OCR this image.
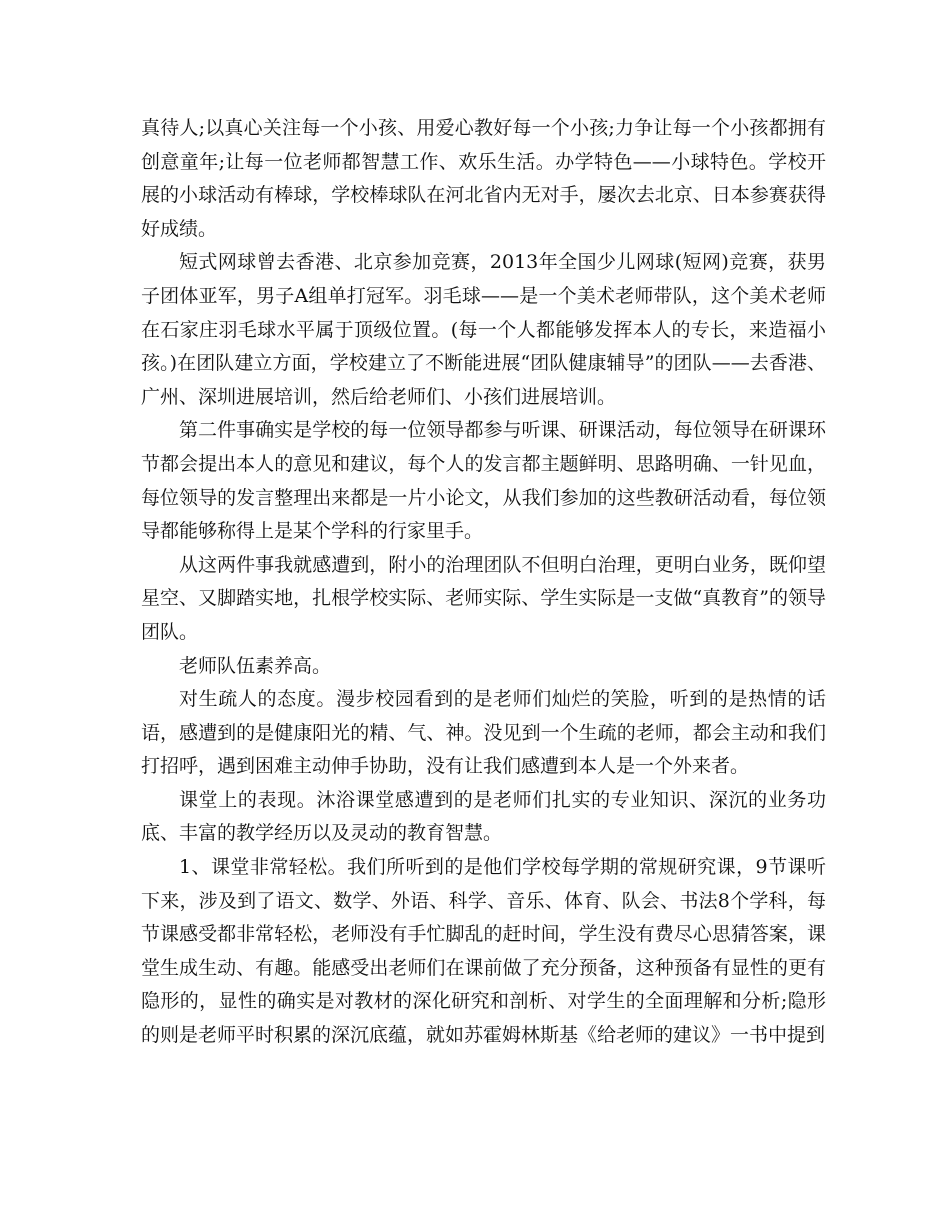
真待人;以真心关注每一个小孩、用爱心教好每一个小孩;力争让每一个小孩都拥有创意童年;让每一位老师都智慧工作、欢乐生活。办学特色——小球特色。学校开展的小球活动有棒球，学校棒球队在河北省内无对手，屡次去北京、日本参赛获得好成绩。

短式网球曾去香港、北京参加竞赛，2013年全国少儿网球(短网)竞赛，获男子团体亚军，男子A组单打冠军。羽毛球——是一个美术老师带队，这个美术老师在石家庄羽毛球水平属于顶级位置。(每一个人都能够发挥本人的专长，来造福小孩。)在团队建立方面，学校建立了不断能进展“团队健康辅导”的团队——去香港、广州、深圳进展培训，然后给老师们、小孩们进展培训。

第二件事确实是学校的每一位领导都参与听课、研课活动，每位领导在研课环节都会提出本人的意见和建议，每个人的发言都主题鲜明、思路明确、一针见血，每位领导的发言整理出来都是一片小论文，从我们参加的这些教研活动看，每位领导都能够称得上是某个学科的行家里手。

从这两件事我就感遭到，附小的治理团队不但明白治理，更明白业务，既仰望星空、又脚踏实地，扎根学校实际、老师实际、学生实际是一支做“真教育”的领导团队。

老师队伍素养高。

对生疏人的态度。漫步校园看到的是老师们灿烂的笑脸，听到的是热情的话语，感遭到的是健康阳光的精、气、神。没见到一个生疏的老师，都会主动和我们打招呼，遇到困难主动伸手协助，没有让我们感遭到本人是一个外来者。

课堂上的表现。沐浴课堂感遭到的是老师们扎实的专业知识、深沉的业务功底、丰富的教学经历以及灵动的教育智慧。

1、课堂非常轻松。我们所听到的是他们学校每学期的常规研究课，9节课听下来，涉及到了语文、数学、外语、科学、音乐、体育、队会、书法8个学科，每节课感受都非常轻松，老师没有手忙脚乱的赶时间，学生没有费尽心思猜答案，课堂生成生动、有趣。能感受出老师们在课前做了充分预备，这种预备有显性的更有隐形的，显性的确实是对教材的深化研究和剖析、对学生的全面理解和分析;隐形的则是老师平时积累的深沉底蕴，就如苏霍姆林斯基《给老师的建议》一书中提到
